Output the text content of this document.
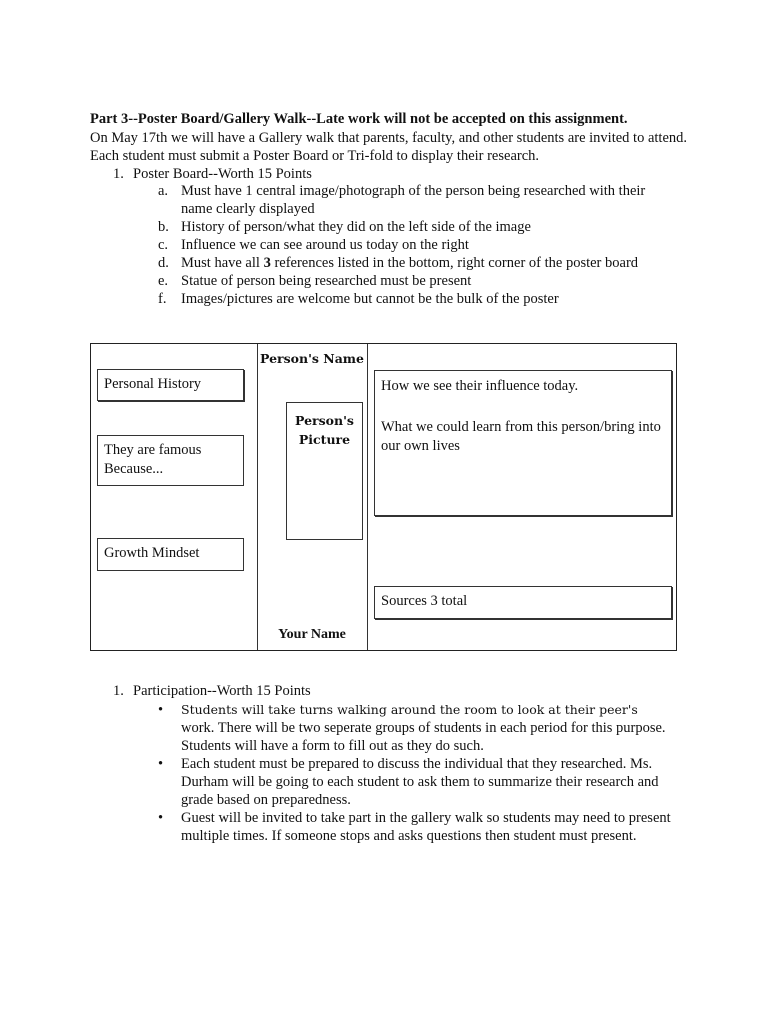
Part 3--Poster Board/Gallery Walk--Late work will not be accepted on this assignment.
On May 17th we will have a Gallery walk that parents, faculty, and other students are invited to attend. Each student must submit a Poster Board or Tri-fold to display their research.
1. Poster Board--Worth 15 Points
a. Must have 1 central image/photograph of the person being researched with their name clearly displayed
b. History of person/what they did on the left side of the image
c. Influence we can see around us today on the right
d. Must have all 3 references listed in the bottom, right corner of the poster board
e. Statue of person being researched must be present
f. Images/pictures are welcome but cannot be the bulk of the poster
Person's Name
Personal History
They are famous Because...
Growth Mindset
Person's Picture
Your Name
How we see their influence today.
What we could learn from this person/bring into our own lives
Sources 3 total
1. Participation--Worth 15 Points
• Students will take turns walking around the room to look at their peer's
work. There will be two seperate groups of students in each period for this purpose. Students will have a form to fill out as they do such.
• Each student must be prepared to discuss the individual that they researched. Ms. Durham will be going to each student to ask them to summarize their research and grade based on preparedness.
• Guest will be invited to take part in the gallery walk so students may need to present multiple times. If someone stops and asks questions then student must present.
